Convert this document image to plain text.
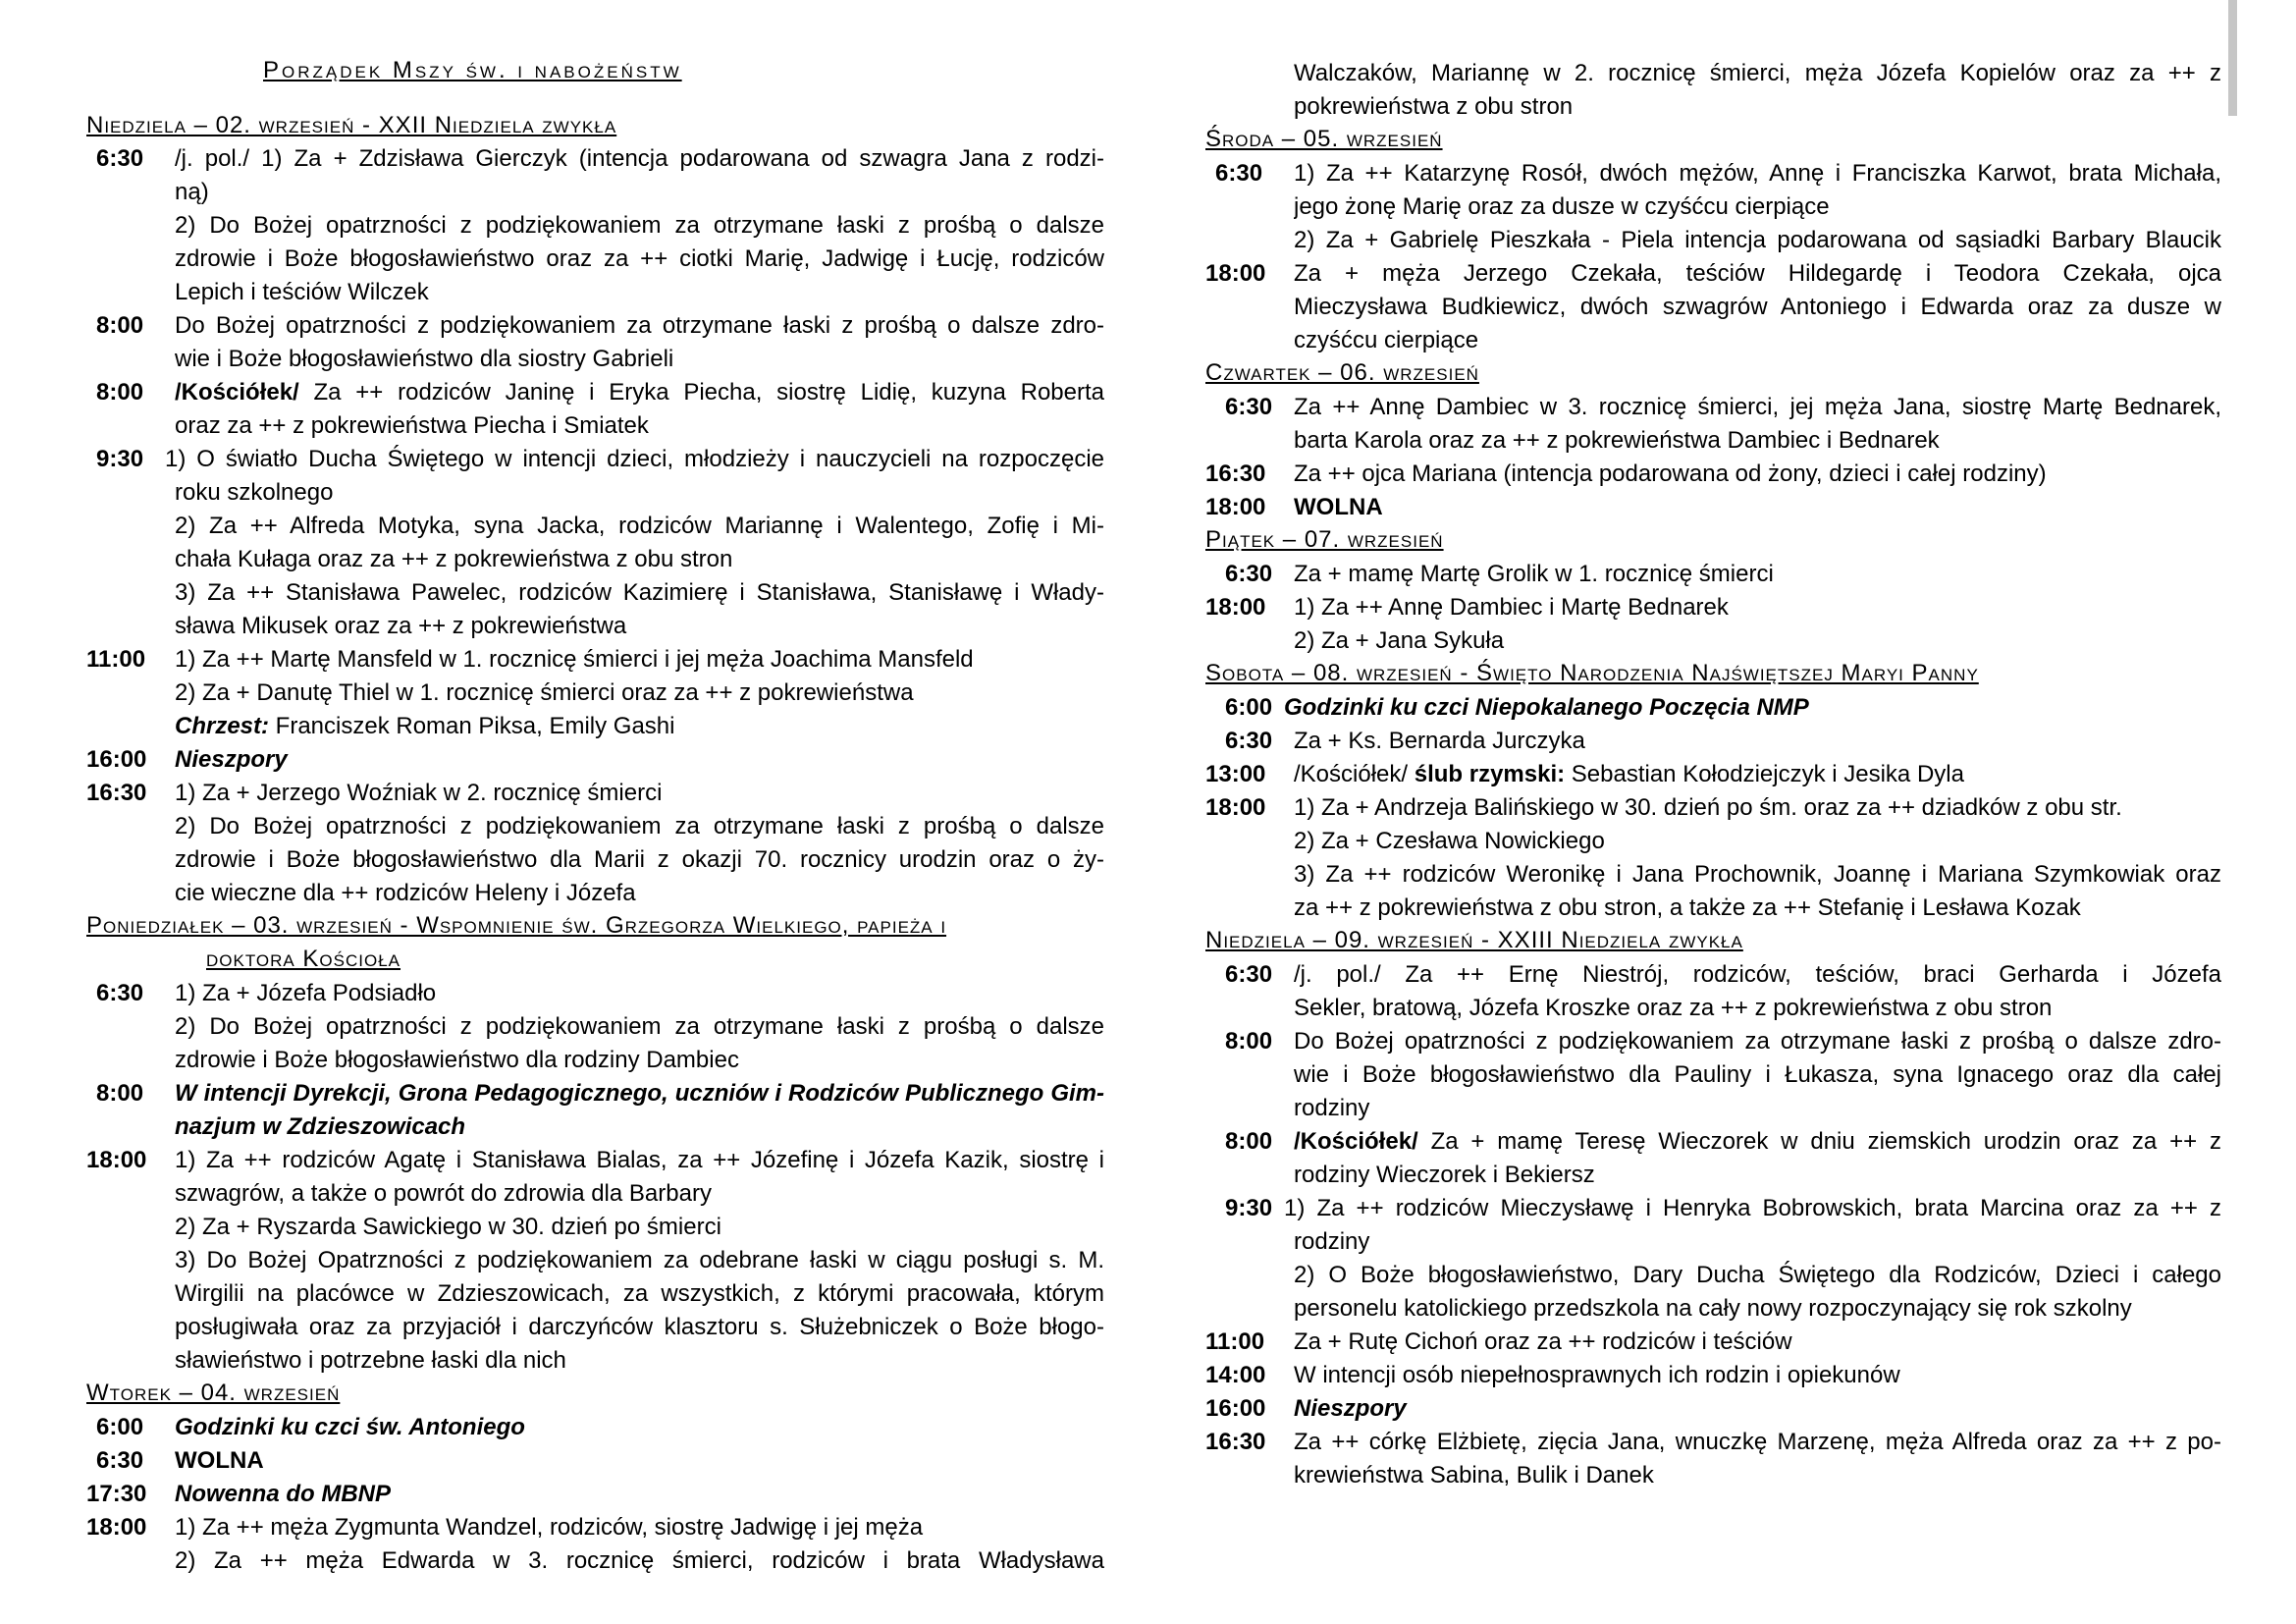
Porządek Mszy św. i nabożeństw
Niedziela – 02. wrzesień - XXII Niedziela zwykła
6:30 /j. pol./ 1) Za + Zdzisława Gierczyk (intencja podarowana od szwagra Jana z rodzi-
ną)
2) Do Bożej opatrzności z podziękowaniem za otrzymane łaski z prośbą o dalsze
zdrowie i Boże błogosławieństwo oraz za ++ ciotki Marię, Jadwigę i Łucję, rodziców
Lepich i teściów Wilczek
8:00 Do Bożej opatrzności z podziękowaniem za otrzymane łaski z prośbą o dalsze zdro-
wie i Boże błogosławieństwo dla siostry Gabrieli
8:00 /Kościółek/ Za ++ rodziców Janinę i Eryka Piecha, siostrę Lidię, kuzyna Roberta
oraz za ++ z pokrewieństwa Piecha i Smiatek
9:30 1) O światło Ducha Świętego w intencji dzieci, młodzieży i nauczycieli na rozpoczęcie
roku szkolnego
2) Za ++ Alfreda Motyka, syna Jacka, rodziców Mariannę i Walentego, Zofię i Mi-
chała Kułaga oraz za ++ z pokrewieństwa z obu stron
3) Za ++ Stanisława Pawelec, rodziców Kazimierę i Stanisława, Stanisławę i Włady-
sława Mikusek oraz za ++ z pokrewieństwa
11:00 1) Za ++ Martę Mansfeld w 1. rocznicę śmierci i jej męża Joachima Mansfeld
2) Za + Danutę Thiel w 1. rocznicę śmierci oraz za ++ z pokrewieństwa
Chrzest: Franciszek Roman Piksa, Emily Gashi
16:00 Nieszpory
16:30 1) Za + Jerzego Woźniak w 2. rocznicę śmierci
2) Do Bożej opatrzności z podziękowaniem za otrzymane łaski z prośbą o dalsze
zdrowie i Boże błogosławieństwo dla Marii z okazji 70. rocznicy urodzin oraz o ży-
cie wieczne dla ++ rodziców Heleny i Józefa
Poniedziałek – 03. wrzesień - Wspomnienie św. Grzegorza Wielkiego, papieża i
doktora Kościoła
6:30 1) Za + Józefa Podsiadło
2) Do Bożej opatrzności z podziękowaniem za otrzymane łaski z prośbą o dalsze
zdrowie i Boże błogosławieństwo dla rodziny Dambiec
8:00 W intencji Dyrekcji, Grona Pedagogicznego, uczniów i Rodziców Publicznego Gim-
nazjum w Zdzieszowicach
18:00 1) Za ++ rodziców Agatę i Stanisława Bialas, za ++ Józefinę i Józefa Kazik, siostrę i
szwagrów, a także o powrót do zdrowia dla Barbary
2) Za + Ryszarda Sawickiego w 30. dzień po śmierci
3) Do Bożej Opatrzności z podziękowaniem za odebrane łaski w ciągu posługi s. M.
Wirgilii na placówce w Zdzieszowicach, za wszystkich, z którymi pracowała, którym
posługiwała oraz za przyjaciół i darczyńców klasztoru s. Służebniczek o Boże błogo-
sławieństwo i potrzebne łaski dla nich
Wtorek – 04. wrzesień
6:00 Godzinki ku czci św. Antoniego
6:30 WOLNA
17:30 Nowenna do MBNP
18:00 1) Za ++ męża Zygmunta Wandzel, rodziców, siostrę Jadwigę i jej męża
2) Za ++ męża Edwarda w 3. rocznicę śmierci, rodziców i brata Władysława
Walczaków, Mariannę w 2. rocznicę śmierci, męża Józefa Kopielów oraz za ++ z
pokrewieństwa z obu stron
Środa – 05. wrzesień
6:30 1) Za ++ Katarzynę Rosół, dwóch mężów, Annę i Franciszka Karwot, brata Michała,
jego żonę Marię oraz za dusze w czyśćcu cierpiące
2) Za + Gabrielę Pieszkała - Piela intencja podarowana od sąsiadki Barbary Blaucik
18:00 Za + męża Jerzego Czekała, teściów Hildegardę i Teodora Czekała, ojca
Mieczysława Budkiewicz, dwóch szwagrów Antoniego i Edwarda oraz za dusze w
czyśćcu cierpiące
Czwartek – 06. wrzesień
6:30 Za ++ Annę Dambiec w 3. rocznicę śmierci, jej męża Jana, siostrę Martę Bednarek,
barta Karola oraz za ++ z pokrewieństwa Dambiec i Bednarek
16:30 Za ++ ojca Mariana (intencja podarowana od żony, dzieci i całej rodziny)
18:00 WOLNA
Piątek – 07. wrzesień
6:30 Za + mamę Martę Grolik w 1. rocznicę śmierci
18:00 1) Za ++ Annę Dambiec i Martę Bednarek
2) Za + Jana Sykuła
Sobota – 08. wrzesień - Święto Narodzenia Najświętszej Maryi Panny
6:00 Godzinki ku czci Niepokalanego Poczęcia NMP
6:30 Za + Ks. Bernarda Jurczyka
13:00 /Kościółek/ ślub rzymski: Sebastian Kołodziejczyk i Jesika Dyla
18:00 1) Za + Andrzeja Balińskiego w 30. dzień po śm. oraz za ++ dziadków z obu str.
2) Za + Czesława Nowickiego
3) Za ++ rodziców Weronikę i Jana Prochownik, Joannę i Mariana Szymkowiak oraz
za ++ z pokrewieństwa z obu stron, a także za ++ Stefanię i Lesława Kozak
Niedziela – 09. wrzesień - XXIII Niedziela zwykła
6:30 /j. pol./ Za ++ Ernę Niestrój, rodziców, teściów, braci Gerharda i Józefa
Sekler, bratową, Józefa Kroszke oraz za ++ z pokrewieństwa z obu stron
8:00 Do Bożej opatrzności z podziękowaniem za otrzymane łaski z prośbą o dalsze zdro-
wie i Boże błogosławieństwo dla Pauliny i Łukasza, syna Ignacego oraz dla całej
rodziny
8:00 /Kościółek/ Za + mamę Teresę Wieczorek w dniu ziemskich urodzin oraz za ++ z
rodziny Wieczorek i Bekiersz
9:30 1) Za ++ rodziców Mieczysławę i Henryka Bobrowskich, brata Marcina oraz za ++ z
rodziny
2) O Boże błogosławieństwo, Dary Ducha Świętego dla Rodziców, Dzieci i całego
personelu katolickiego przedszkola na cały nowy rozpoczynający się rok szkolny
11:00 Za + Rutę Cichoń oraz za ++ rodziców i teściów
14:00 W intencji osób niepełnosprawnych ich rodzin i opiekunów
16:00 Nieszpory
16:30 Za ++ córkę Elżbietę, zięcia Jana, wnuczkę Marzenę, męża Alfreda oraz za ++ z po-
krewieństwa Sabina, Bulik i Danek
